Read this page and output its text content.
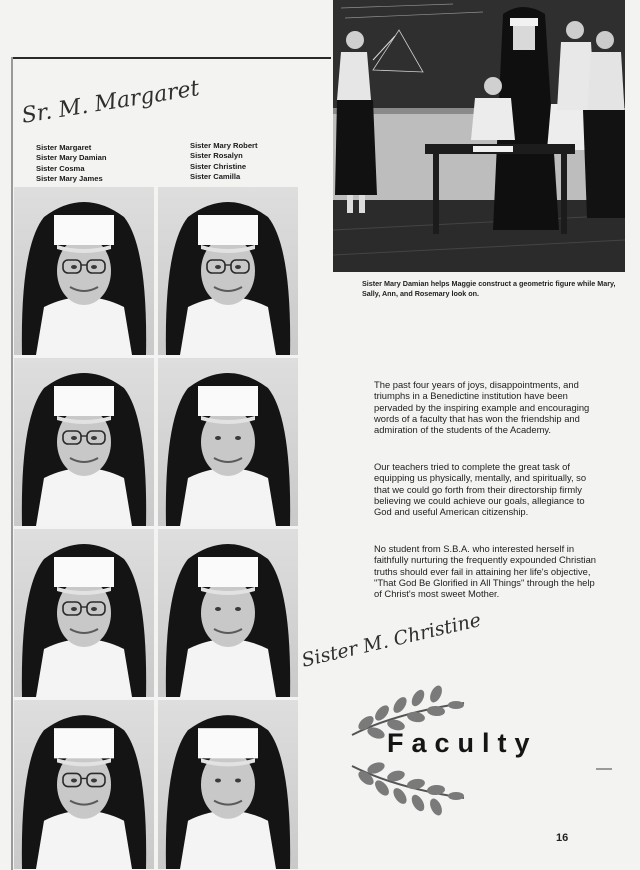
Sr. M. Margaret
Sister Margaret
Sister Mary Damian
Sister Cosma
Sister Mary James
Sister Mary Robert
Sister Rosalyn
Sister Christine
Sister Camilla
Sister Mary Damian helps Maggie construct a geometric figure while Mary, Sally, Ann, and Rosemary look on.
The past four years of joys, disappointments, and triumphs in a Benedictine institution have been pervaded by the inspiring example and encouraging words of a faculty that has won the friendship and admiration of the students of the Academy.
Our teachers tried to complete the great task of equipping us physically, mentally, and spiritually, so that we could go forth from their directorship firmly believing we could achieve our goals, allegiance to God and useful American citizenship.
No student from S.B.A. who interested herself in faithfully nurturing the frequently expounded Christian truths should ever fail in attaining her life's objective, "That God Be Glorified in All Things" through the help of Christ's most sweet Mother.
Sister M. Christine
Faculty
16
